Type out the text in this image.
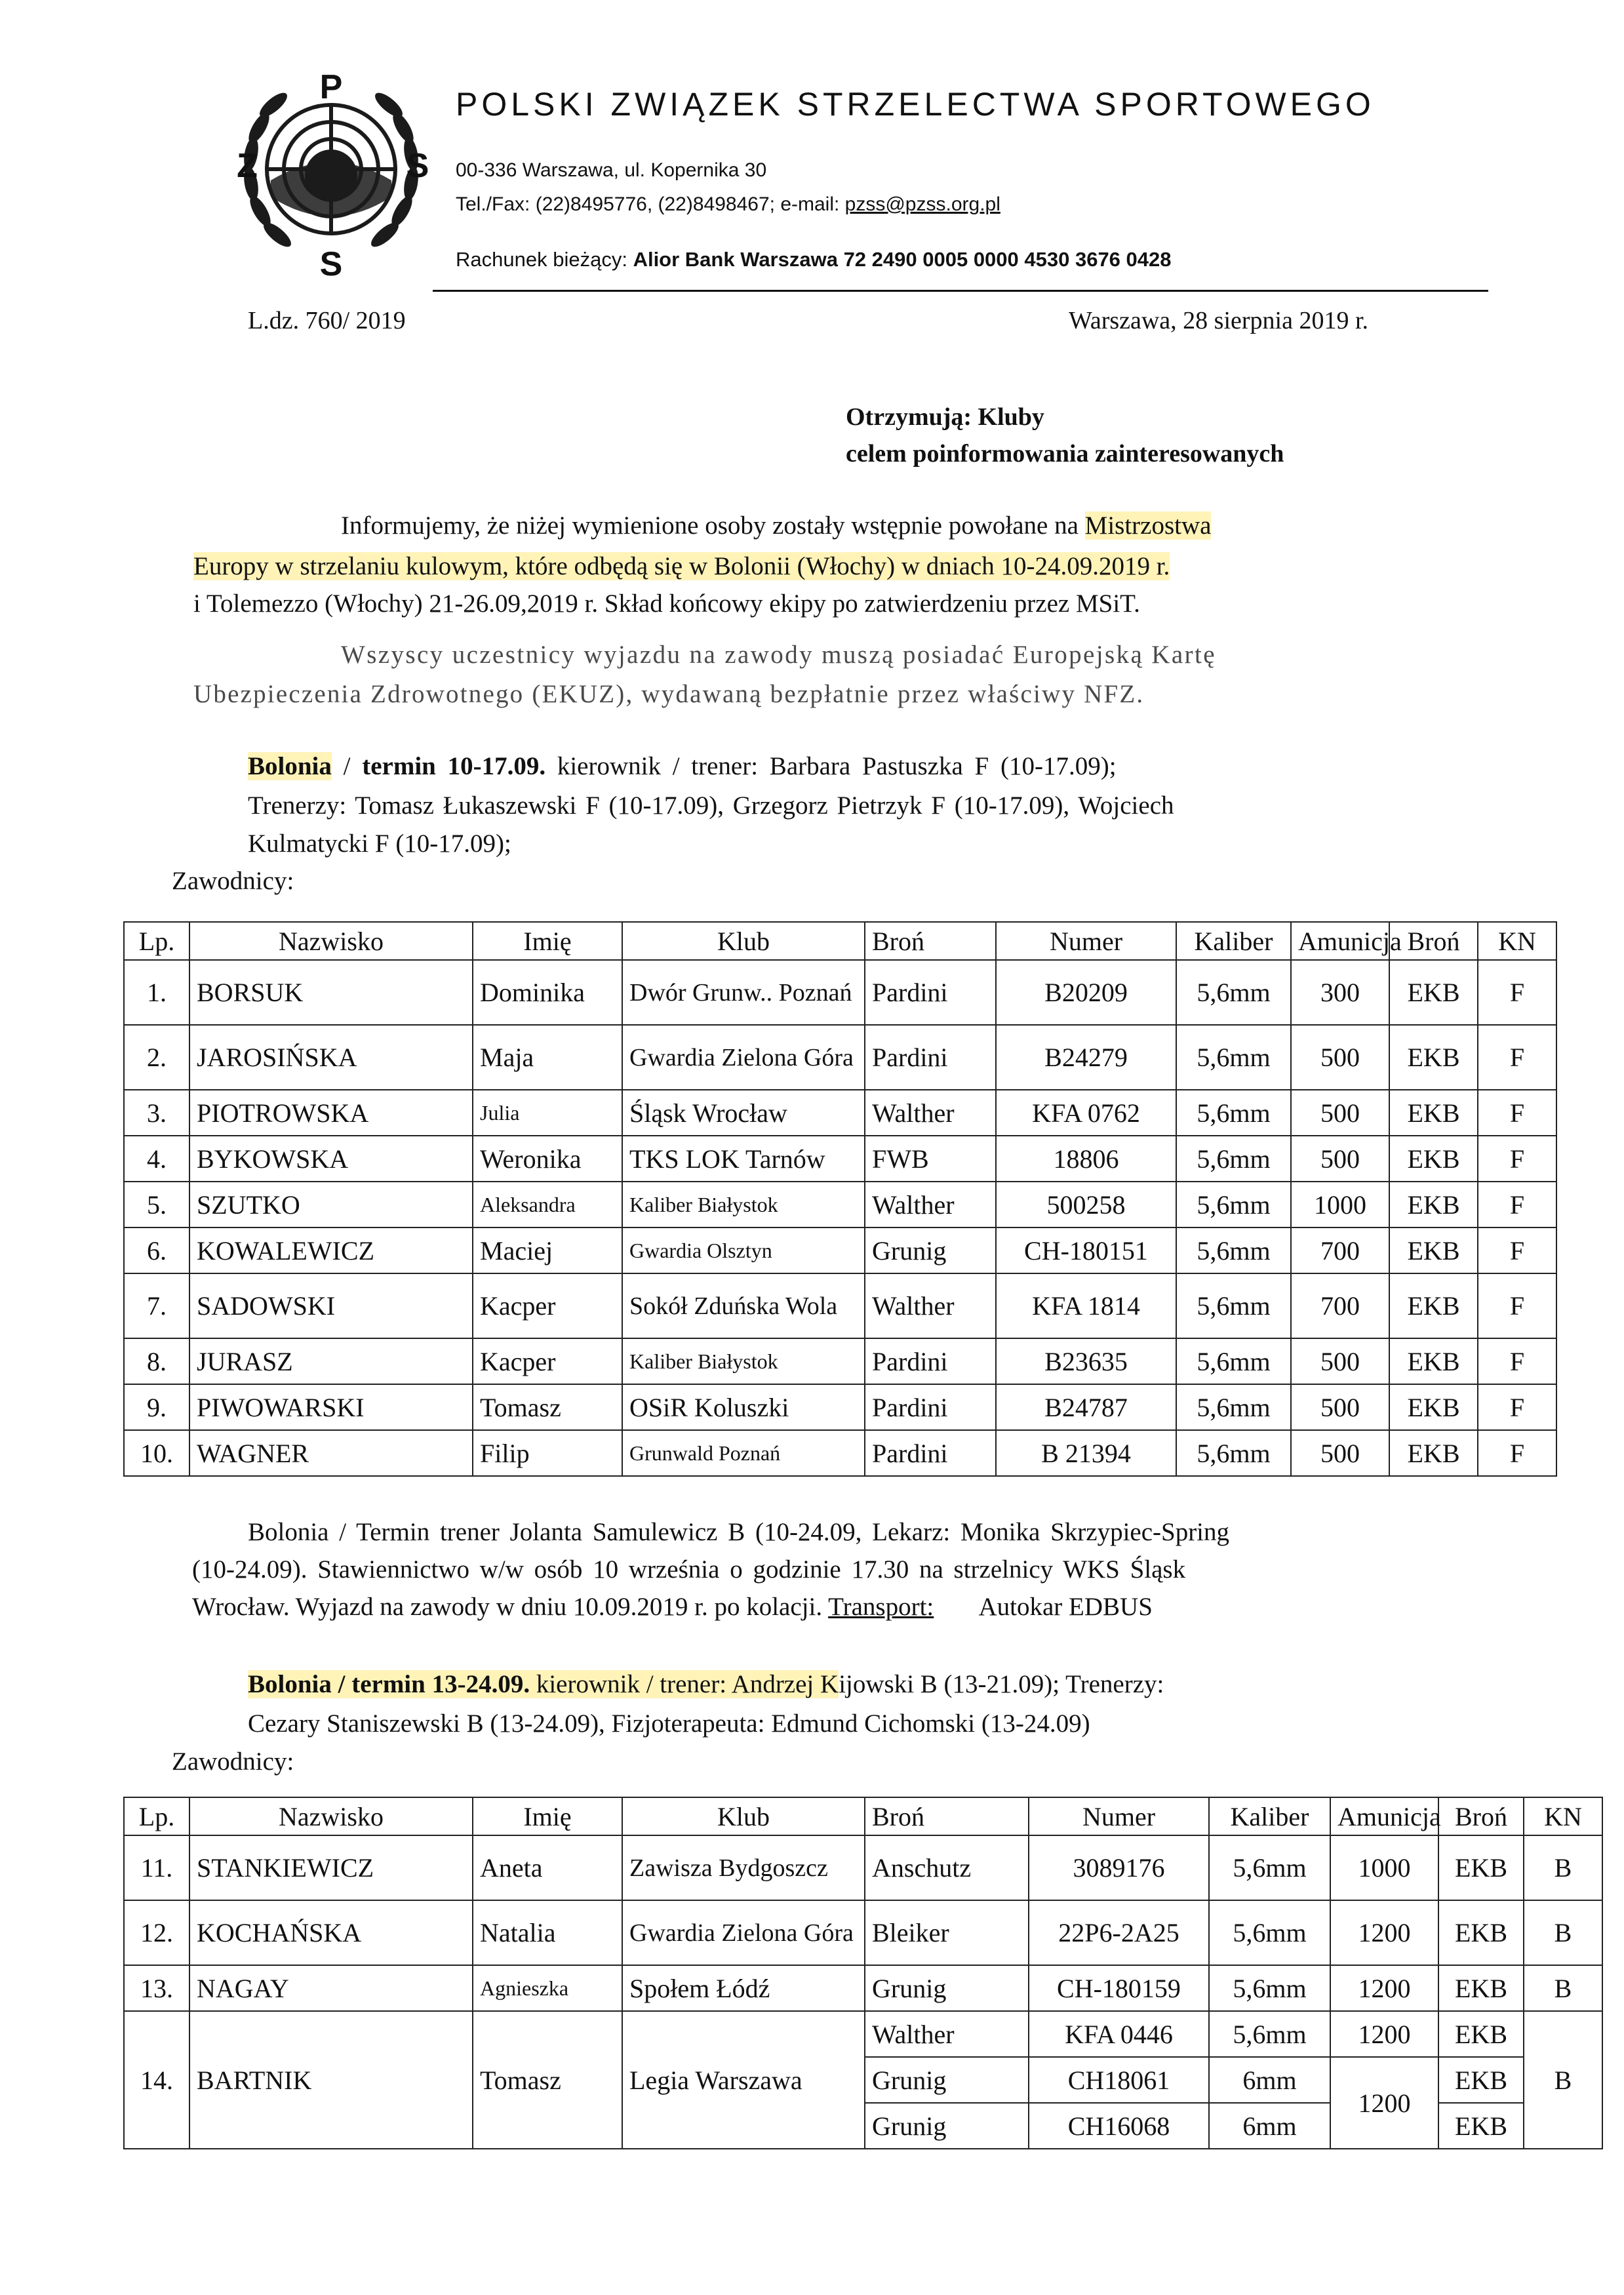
P
Z	S
S
POLSKI ZWIĄZEK STRZELECTWA SPORTOWEGO
00-336 Warszawa, ul. Kopernika 30
Tel./Fax: (22)8495776, (22)8498467; e-mail: pzss@pzss.org.pl
Rachunek bieżący: Alior Bank Warszawa 72 2490 0005 0000 4530 3676 0428
L.dz. 760/ 2019	Warszawa, 28 sierpnia 2019 r.
Otrzymują: Kluby
celem poinformowania zainteresowanych
Informujemy, że niżej wymienione osoby zostały wstępnie powołane na Mistrzostwa
Europy w strzelaniu kulowym, które odbędą się w Bolonii (Włochy) w dniach 10-24.09.2019 r.
i Tolemezzo (Włochy) 21-26.09,2019 r. Skład końcowy ekipy po zatwierdzeniu przez MSiT.
Wszyscy uczestnicy wyjazdu na zawody muszą posiadać Europejską Kartę
Ubezpieczenia Zdrowotnego (EKUZ), wydawaną bezpłatnie przez właściwy NFZ.
Bolonia / termin 10-17.09. kierownik / trener: Barbara Pastuszka F (10-17.09);
Trenerzy: Tomasz Łukaszewski F (10-17.09), Grzegorz Pietrzyk F (10-17.09), Wojciech
Kulmatycki F (10-17.09);
Zawodnicy:
Lp.	Nazwisko	Imię	Klub	Broń	Numer	Kaliber	Amunicja	Broń	KN
1.	BORSUK	Dominika	Dwór Grunw.. Poznań	Pardini	B20209	5,6mm	300	EKB	F
2.	JAROSIŃSKA	Maja	Gwardia Zielona Góra	Pardini	B24279	5,6mm	500	EKB	F
3.	PIOTROWSKA	Julia	Śląsk Wrocław	Walther	KFA 0762	5,6mm	500	EKB	F
4.	BYKOWSKA	Weronika	TKS LOK Tarnów	FWB	18806	5,6mm	500	EKB	F
5.	SZUTKO	Aleksandra	Kaliber Białystok	Walther	500258	5,6mm	1000	EKB	F
6.	KOWALEWICZ	Maciej	Gwardia Olsztyn	Grunig	CH-180151	5,6mm	700	EKB	F
7.	SADOWSKI	Kacper	Sokół Zduńska Wola	Walther	KFA 1814	5,6mm	700	EKB	F
8.	JURASZ	Kacper	Kaliber Białystok	Pardini	B23635	5,6mm	500	EKB	F
9.	PIWOWARSKI	Tomasz	OSiR Koluszki	Pardini	B24787	5,6mm	500	EKB	F
10.	WAGNER	Filip	Grunwald Poznań	Pardini	B 21394	5,6mm	500	EKB	F
Bolonia / Termin trener Jolanta Samulewicz B (10-24.09, Lekarz: Monika Skrzypiec-Spring
(10-24.09). Stawiennictwo w/w osób 10 września o godzinie 17.30 na strzelnicy WKS Śląsk
Wrocław. Wyjazd na zawody w dniu 10.09.2019 r. po kolacji. Transport: Autokar EDBUS
Bolonia / termin 13-24.09. kierownik / trener: Andrzej Kijowski B (13-21.09); Trenerzy:
Cezary Staniszewski B (13-24.09), Fizjoterapeuta: Edmund Cichomski (13-24.09)
Zawodnicy:
Lp.	Nazwisko	Imię	Klub	Broń	Numer	Kaliber	Amunicja	Broń	KN
11.	STANKIEWICZ	Aneta	Zawisza Bydgoszcz	Anschutz	3089176	5,6mm	1000	EKB	B
12.	KOCHAŃSKA	Natalia	Gwardia Zielona Góra	Bleiker	22P6-2A25	5,6mm	1200	EKB	B
13.	NAGAY	Agnieszka	Społem Łódź	Grunig	CH-180159	5,6mm	1200	EKB	B
14.	BARTNIK	Tomasz	Legia Warszawa	Walther	KFA 0446	5,6mm	1200	EKB	B
				Grunig	CH18061	6mm	1200	EKB	
				Grunig	CH16068	6mm		EKB	
